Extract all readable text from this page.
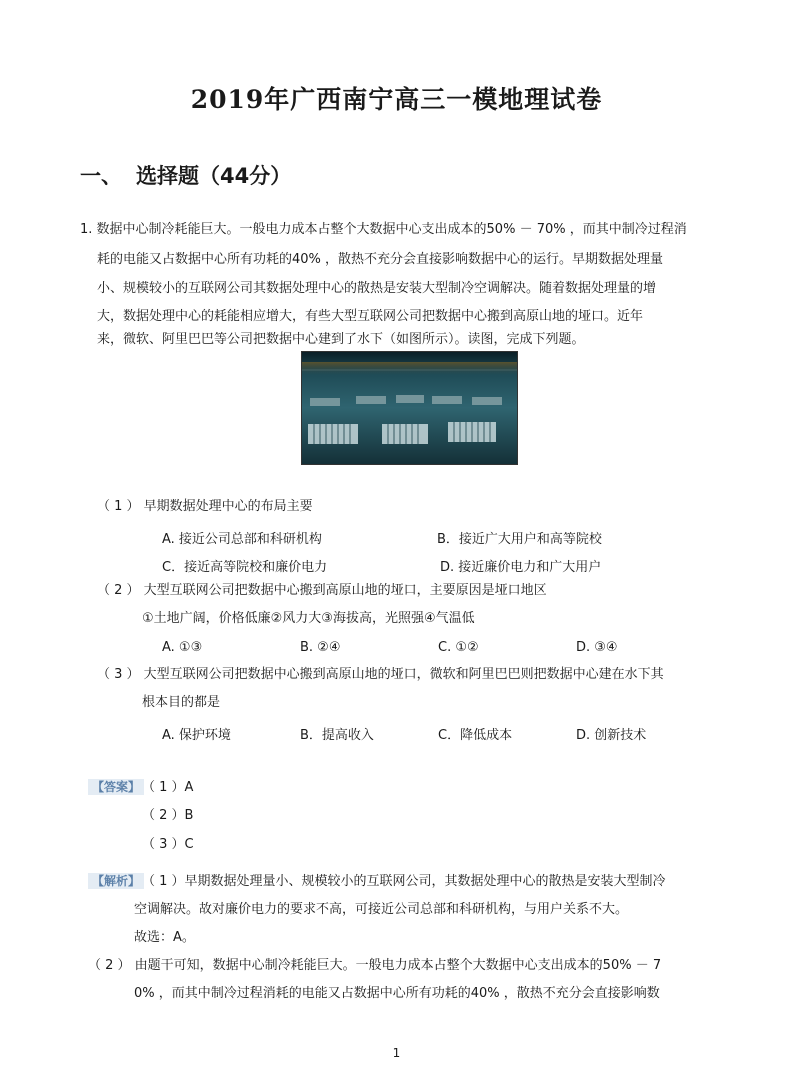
2019年广西南宁高三一模地理试卷
一、 选择题（44分）
1. 数据中心制冷耗能巨大。一般电力成本占整个大数据中心支出成本的50% － 70% ，而其中制冷过程消
耗的电能又占数据中心所有功耗的40% ，散热不充分会直接影响数据中心的运行。早期数据处理量
小、规模较小的互联网公司其数据处理中心的散热是安装大型制冷空调解决。随着数据处理量的增
大，数据处理中心的耗能相应增大，有些大型互联网公司把数据中心搬到高原山地的垭口。近年
来，微软、阿里巴巴等公司把数据中心建到了水下（如图所示）。读图，完成下列题。
（ 1 ） 早期数据处理中心的布局主要
A. 接近公司总部和科研机构	B．接近广大用户和高等院校
C．接近高等院校和廉价电力	D. 接近廉价电力和广大用户
（ 2 ） 大型互联网公司把数据中心搬到高原山地的垭口，主要原因是垭口地区
①土地广阔，价格低廉②风力大③海拔高，光照强④气温低
A. ①③	B. ②④	C. ①②	D. ③④
（ 3 ） 大型互联网公司把数据中心搬到高原山地的垭口，微软和阿里巴巴则把数据中心建在水下其
根本目的都是
A. 保护环境	B．提高收入	C．降低成本	D. 创新技术
【答案】 （ 1 ）A
（ 2 ）B
（ 3 ）C
【解析】 （ 1 ）早期数据处理量小、规模较小的互联网公司，其数据处理中心的散热是安装大型制冷
空调解决。故对廉价电力的要求不高，可接近公司总部和科研机构，与用户关系不大。
故选：A。
（ 2 ） 由题干可知，数据中心制冷耗能巨大。一般电力成本占整个大数据中心支出成本的50% － 7
0% ，而其中制冷过程消耗的电能又占数据中心所有功耗的40% ，散热不充分会直接影响数
1
